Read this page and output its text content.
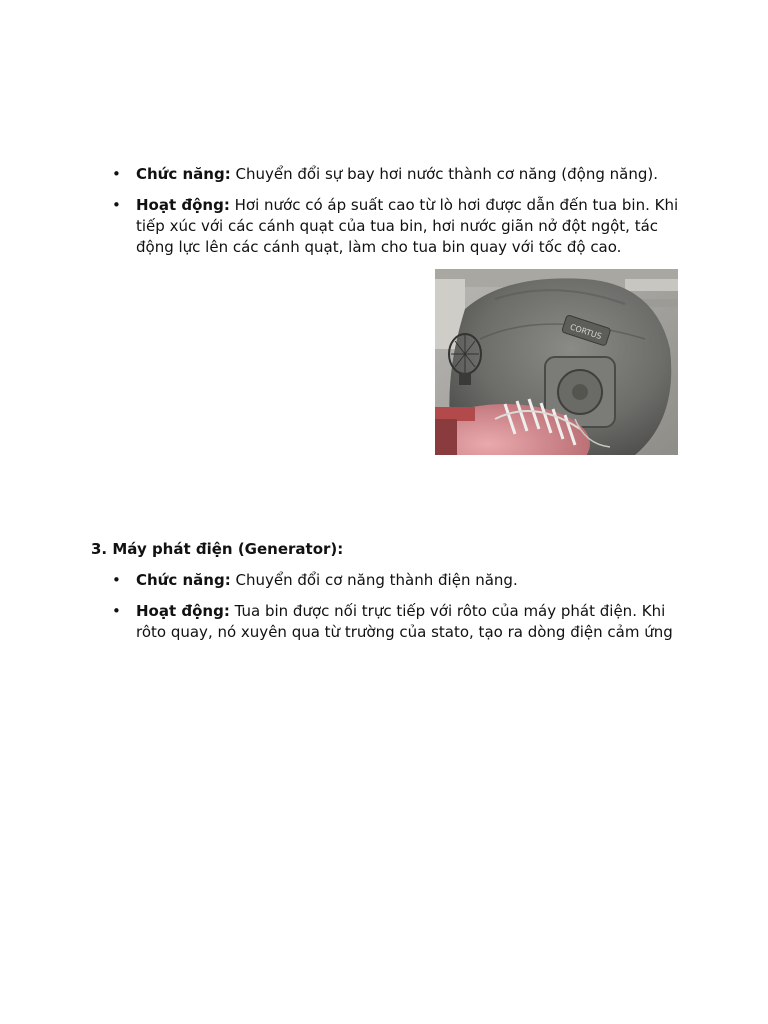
• Chức năng: Chuyển đổi sự bay hơi nước thành cơ năng (động năng).
• Hoạt động: Hơi nước có áp suất cao từ lò hơi được dẫn đến tua bin. Khi tiếp xúc với các cánh quạt của tua bin, hơi nước giãn nở đột ngột, tác động lực lên các cánh quạt, làm cho tua bin quay với tốc độ cao.
CORTUS
3. Máy phát điện (Generator):
• Chức năng: Chuyển đổi cơ năng thành điện năng.
• Hoạt động: Tua bin được nối trực tiếp với rôto của máy phát điện. Khi rôto quay, nó xuyên qua từ trường của stato, tạo ra dòng điện cảm ứng
